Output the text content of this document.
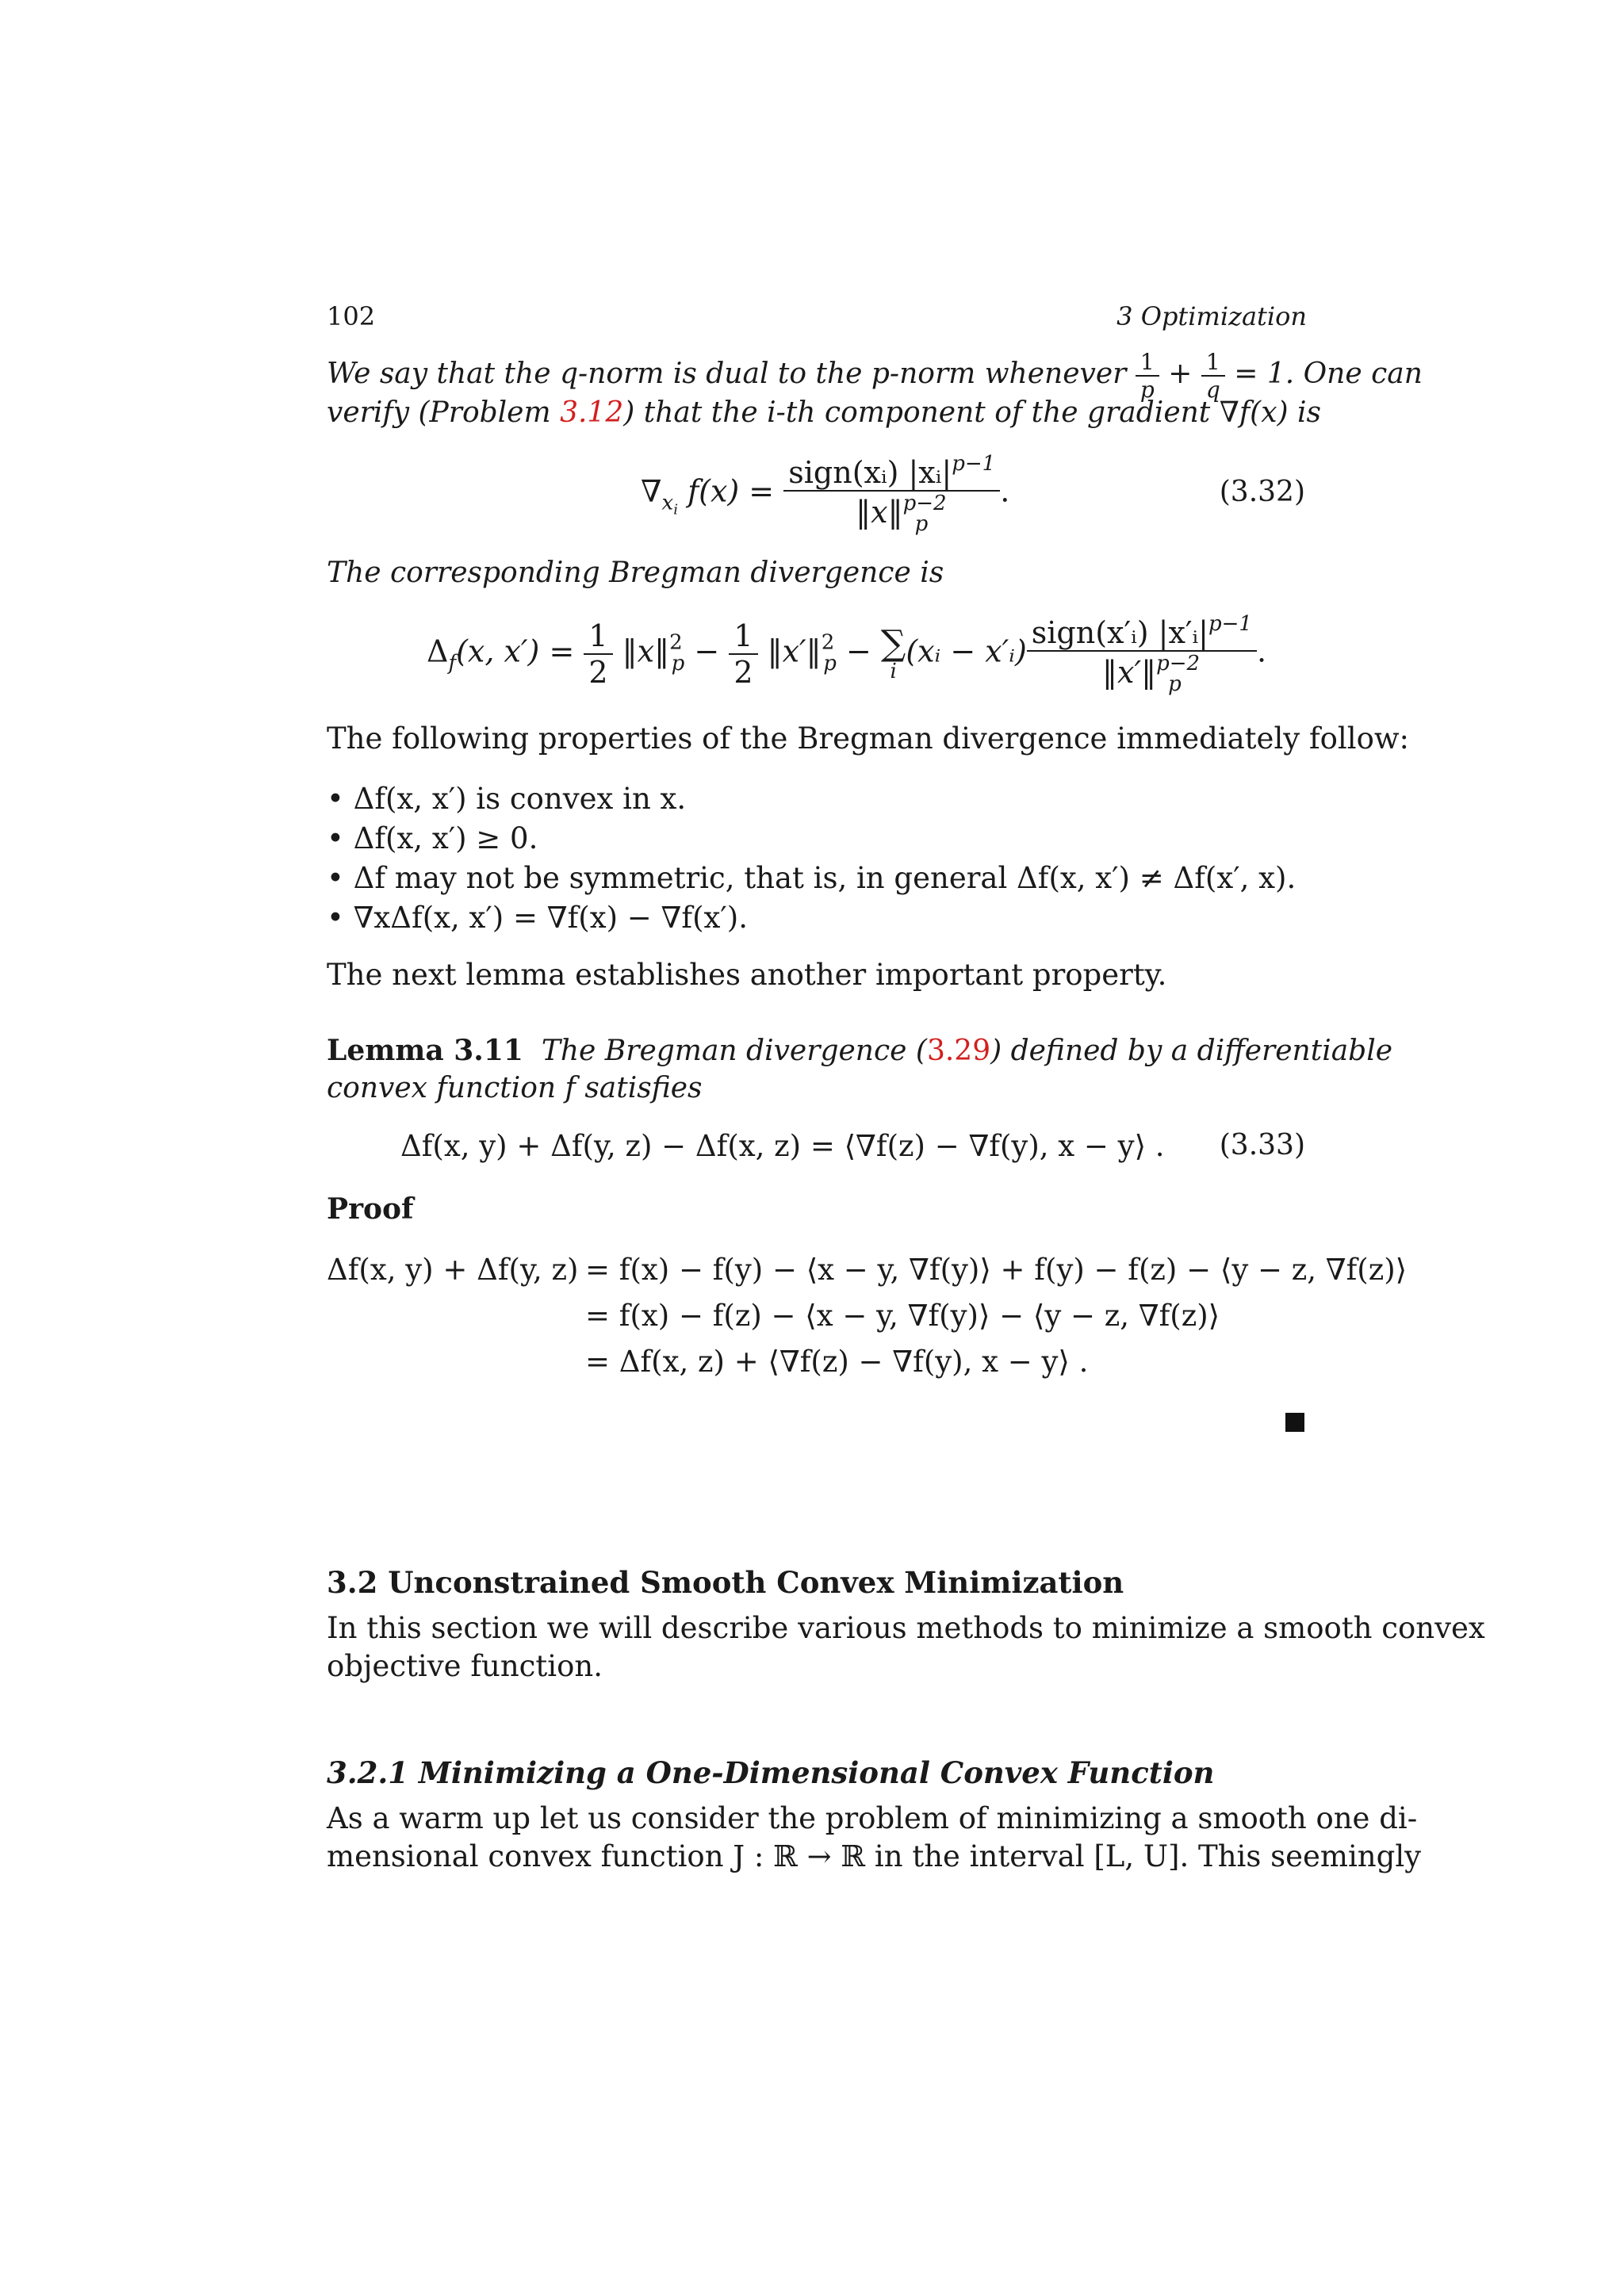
102	3 Optimization
We say that the q-norm is dual to the p-norm whenever $\frac{1}{p} + \frac{1}{q} = 1$. One can
verify (Problem 3.12) that the i-th component of the gradient ∇f(x) is
$\nabla_{xi}$ $f(x) = \frac{sign(xᵢ) |xᵢ|^{p-1}}{‖x‖^{p-2}_p}$ .	(3.32)
The corresponding Bregman divergence is
$\Delta_f(x$, $x') = \frac{1}{2}$ ‖x‖$^2_p$ − $\frac{1}{2}$ ‖x′‖$^2_p$ − ∑
i
(xᵢ − x′ᵢ) $\frac{sign(x'ᵢ) |x'ᵢ|^{p-1}}{‖x'‖^{p-2}_p}$ .
The following properties of the Bregman divergence immediately follow:
• Δf(x, x′) is convex in x.
• Δf(x, x′) ≥ 0.
• Δf may not be symmetric, that is, in general Δf(x, x′) ≠ Δf(x′, x).
• ∇xΔf(x, x′) = ∇f(x) − ∇f(x′).
The next lemma establishes another important property.
Lemma 3.11 The Bregman divergence (3.29) defined by a differentiable
convex function f satisfies
Δf(x, y) + Δf(y, z) − Δf(x, z) = ⟨∇f(z) − ∇f(y), x − y⟩ . (3.33)
Proof
Δf(x, y) + Δf(y, z) = f(x) − f(y) − ⟨x − y, ∇f(y)⟩ + f(y) − f(z) − ⟨y − z, ∇f(z)⟩
= f(x) − f(z) − ⟨x − y, ∇f(y)⟩ − ⟨y − z, ∇f(z)⟩
= Δf(x, z) + ⟨∇f(z) − ∇f(y), x − y⟩ .
3.2 Unconstrained Smooth Convex Minimization
In this section we will describe various methods to minimize a smooth convex
objective function.
3.2.1 Minimizing a One-Dimensional Convex Function
As a warm up let us consider the problem of minimizing a smooth one di-
mensional convex function J : ℝ → ℝ in the interval [L, U]. This seemingly
